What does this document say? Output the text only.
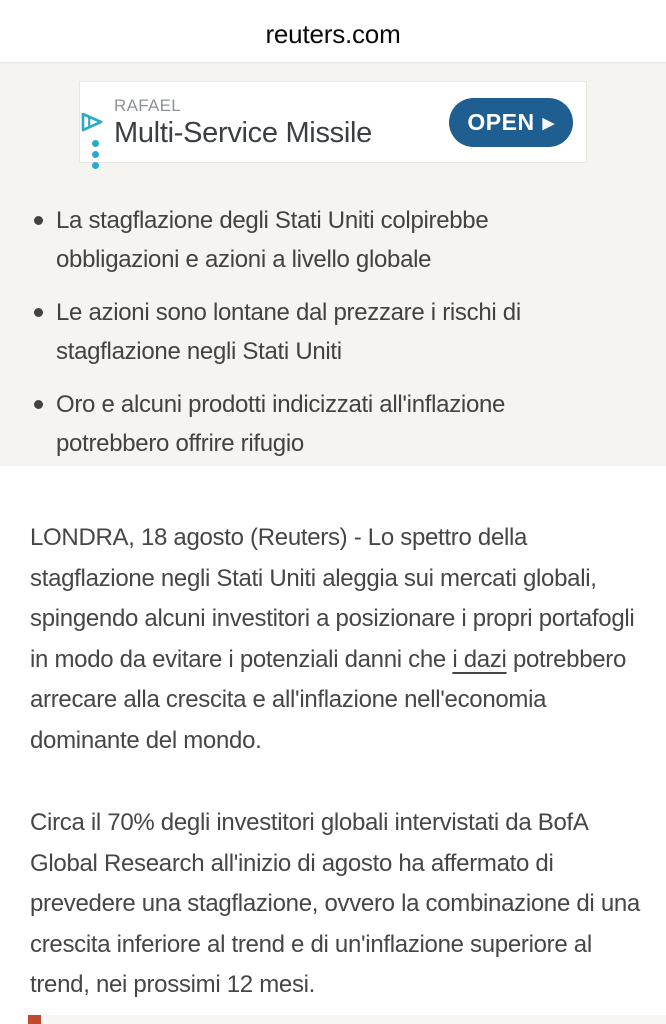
reuters.com
RAFAEL
Multi-Service Missile	OPEN ▶
La stagflazione degli Stati Uniti colpirebbe obbligazioni e azioni a livello globale
Le azioni sono lontane dal prezzare i rischi di stagflazione negli Stati Uniti
Oro e alcuni prodotti indicizzati all'inflazione potrebbero offrire rifugio

LONDRA, 18 agosto (Reuters) - Lo spettro della stagflazione negli Stati Uniti aleggia sui mercati globali, spingendo alcuni investitori a posizionare i propri portafogli in modo da evitare i potenziali danni che i dazi potrebbero arrecare alla crescita e all'inflazione nell'economia dominante del mondo.

Circa il 70% degli investitori globali intervistati da BofA Global Research all'inizio di agosto ha affermato di prevedere una stagflazione, ovvero la combinazione di una crescita inferiore al trend e di un'inflazione superiore al trend, nei prossimi 12 mesi.
